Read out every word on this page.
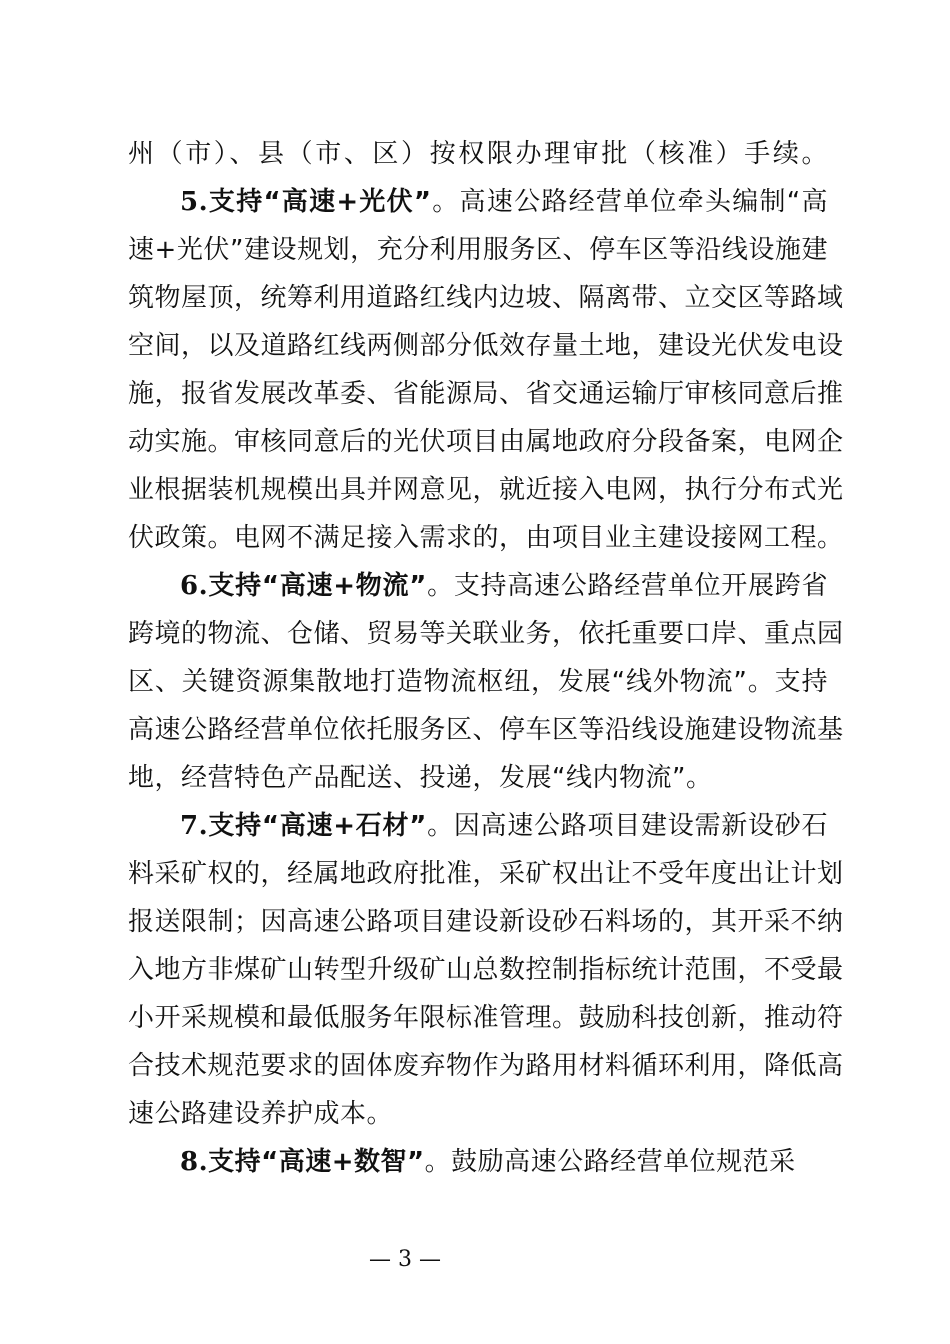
州（市）、县（市、区）按权限办理审批（核准）手续。
5.支持“高速+光伏”。高速公路经营单位牵头编制“高
速+光伏”建设规划，充分利用服务区、停车区等沿线设施建
筑物屋顶，统筹利用道路红线内边坡、隔离带、立交区等路域
空间，以及道路红线两侧部分低效存量土地，建设光伏发电设
施，报省发展改革委、省能源局、省交通运输厅审核同意后推
动实施。审核同意后的光伏项目由属地政府分段备案，电网企
业根据装机规模出具并网意见，就近接入电网，执行分布式光
伏政策。电网不满足接入需求的，由项目业主建设接网工程。
6.支持“高速+物流”。支持高速公路经营单位开展跨省
跨境的物流、仓储、贸易等关联业务，依托重要口岸、重点园
区、关键资源集散地打造物流枢纽，发展“线外物流”。支持
高速公路经营单位依托服务区、停车区等沿线设施建设物流基
地，经营特色产品配送、投递，发展“线内物流”。
7.支持“高速+石材”。因高速公路项目建设需新设砂石
料采矿权的，经属地政府批准，采矿权出让不受年度出让计划
报送限制；因高速公路项目建设新设砂石料场的，其开采不纳
入地方非煤矿山转型升级矿山总数控制指标统计范围，不受最
小开采规模和最低服务年限标准管理。鼓励科技创新，推动符
合技术规范要求的固体废弃物作为路用材料循环利用，降低高
速公路建设养护成本。
8.支持“高速+数智”。鼓励高速公路经营单位规范采
— 3 —
